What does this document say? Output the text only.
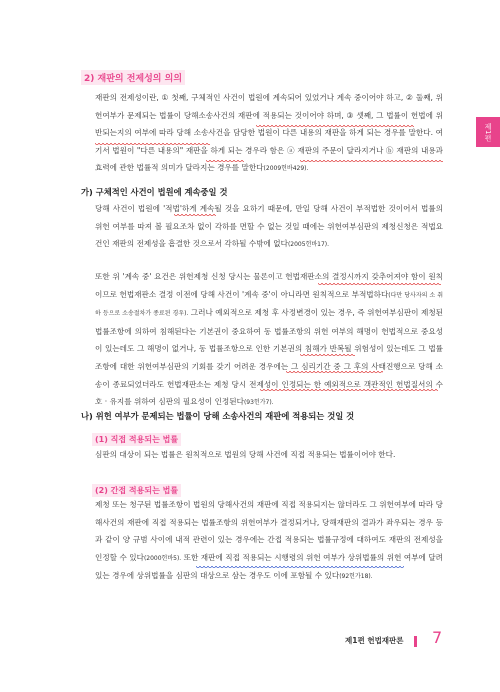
제1편
2) 재판의 전제성의 의의

재판의 전제성이란, ① 첫째, 구체적인 사건이 법원에 계속되어 있었거나 계속 중이어야 하고, ② 둘째, 위헌여부가 문제되는 법률이 당해소송사건의 재판에 적용되는 것이어야 하며, ③ 셋째, 그 법률이 헌법에 위반되는지의 여부에 따라 당해 소송사건을 담당한 법원이 다른 내용의 재판을 하게 되는 경우를 말한다. 여기서 법원이 "다른 내용의" 재판을 하게 되는 경우라 함은 ⓐ 재판의 주문이 달라지거나 ⓑ 재판의 내용과 효력에 관한 법률적 의미가 달라지는 경우를 말한다(2009헌바429).

가) 구체적인 사건이 법원에 계속중일 것

당해 사건이 법원에 '적법'하게 계속될 것을 요하기 때문에, 만일 당해 사건이 부적법한 것이어서 법률의 위헌 여부를 따져 볼 필요조차 없이 각하를 면할 수 없는 것일 때에는 위헌여부심판의 제청신청은 적법요건인 재판의 전제성을 흠결한 것으로서 각하될 수밖에 없다(2005헌바17).

또한 위 '계속 중' 요건은 위헌제청 신청 당시는 물론이고 헌법재판소의 결정시까지 갖추어져야 함이 원칙이므로 헌법재판소 결정 이전에 당해 사건이 '계속 중'이 아니라면 원칙적으로 부적법하다(다만 당사자의 소 취하 등으로 소송절차가 종료된 경우). 그러나 예외적으로 제청 후 사정변경이 있는 경우, 즉 위헌여부심판이 제청된 법률조항에 의하여 침해된다는 기본권이 중요하여 동 법률조항의 위헌 여부의 해명이 헌법적으로 중요성이 있는데도 그 해명이 없거나, 동 법률조항으로 인한 기본권의 침해가 반복될 위험성이 있는데도 그 법률조항에 대한 위헌여부심판의 기회를 갖기 어려운 경우에는 그 심리기간 중 그 후의 사태진행으로 당해 소송이 종료되었더라도 헌법재판소는 제청 당시 전제성이 인정되는 한 예외적으로 객관적인 헌법질서의 수호 · 유지를 위하여 심판의 필요성이 인정된다(93헌가7).

나) 위헌 여부가 문제되는 법률이 당해 소송사건의 재판에 적용되는 것일 것
(1) 직접 적용되는 법률

심판의 대상이 되는 법률은 원칙적으로 법원의 당해 사건에 직접 적용되는 법률이어야 한다.

(2) 간접 적용되는 법률

제청 또는 청구된 법률조항이 법원의 당해사건의 재판에 직접 적용되지는 않더라도 그 위헌여부에 따라 당해사건의 재판에 직접 적용되는 법률조항의 위헌여부가 결정되거나, 당해재판의 결과가 좌우되는 경우 등과 같이 양 규범 사이에 내적 관련이 있는 경우에는 간접 적용되는 법률규정에 대하여도 재판의 전제성을 인정할 수 있다(2000헌바5). 또한 재판에 직접 적용되는 시행령의 위헌 여부가 상위법률의 위헌 여부에 달려 있는 경우에 상위법률을 심판의 대상으로 삼는 경우도 이에 포함될 수 있다(92헌가18).

제1편 헌법재판론 7
